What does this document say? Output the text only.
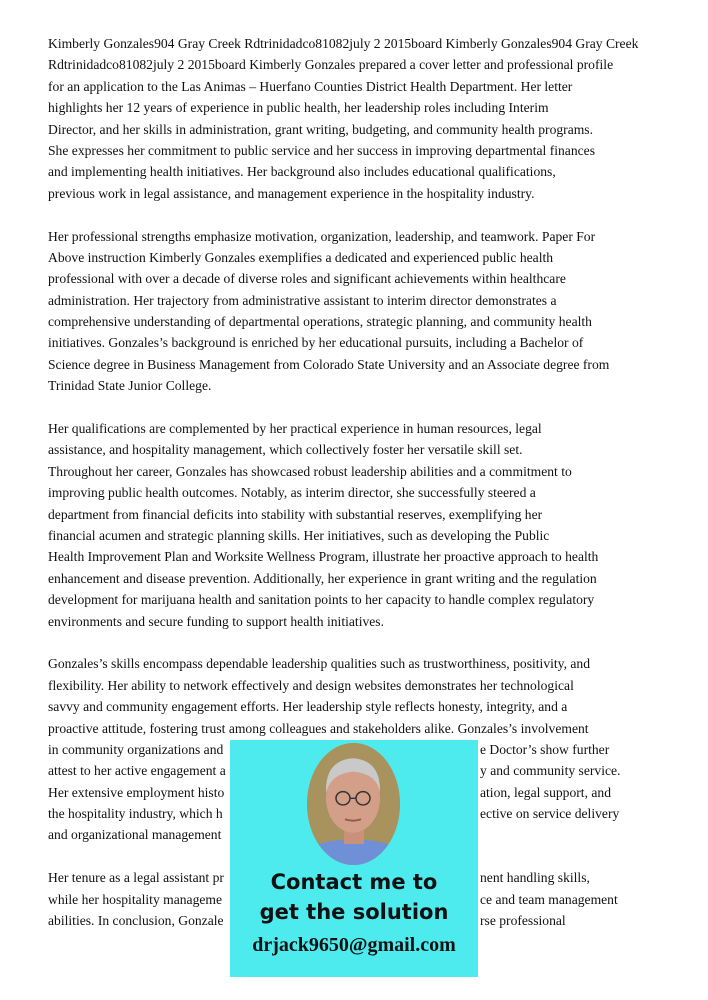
Kimberly Gonzales904 Gray Creek Rdtrinidadco81082july 2 2015board Kimberly Gonzales904 Gray Creek
Rdtrinidadco81082july 2 2015board Kimberly Gonzales prepared a cover letter and professional profile
for an application to the Las Animas – Huerfano Counties District Health Department. Her letter
highlights her 12 years of experience in public health, her leadership roles including Interim
Director, and her skills in administration, grant writing, budgeting, and community health programs.
She expresses her commitment to public service and her success in improving departmental finances
and implementing health initiatives. Her background also includes educational qualifications,
previous work in legal assistance, and management experience in the hospitality industry.
Her professional strengths emphasize motivation, organization, leadership, and teamwork. Paper For
Above instruction Kimberly Gonzales exemplifies a dedicated and experienced public health
professional with over a decade of diverse roles and significant achievements within healthcare
administration. Her trajectory from administrative assistant to interim director demonstrates a
comprehensive understanding of departmental operations, strategic planning, and community health
initiatives. Gonzales’s background is enriched by her educational pursuits, including a Bachelor of
Science degree in Business Management from Colorado State University and an Associate degree from
Trinidad State Junior College.
Her qualifications are complemented by her practical experience in human resources, legal
assistance, and hospitality management, which collectively foster her versatile skill set.
Throughout her career, Gonzales has showcased robust leadership abilities and a commitment to
improving public health outcomes. Notably, as interim director, she successfully steered a
department from financial deficits into stability with substantial reserves, exemplifying her
financial acumen and strategic planning skills. Her initiatives, such as developing the Public
Health Improvement Plan and Worksite Wellness Program, illustrate her proactive approach to health
enhancement and disease prevention. Additionally, her experience in grant writing and the regulation
development for marijuana health and sanitation points to her capacity to handle complex regulatory
environments and secure funding to support health initiatives.
Gonzales’s skills encompass dependable leadership qualities such as trustworthiness, positivity, and
flexibility. Her ability to network effectively and design websites demonstrates her technological
savvy and community engagement efforts. Her leadership style reflects honesty, integrity, and a
proactive attitude, fostering trust among colleagues and stakeholders alike. Gonzales’s involvement
in community organizations and	e Doctor’s show further
attest to her active engagement a	y and community service.
Her extensive employment histo	ation, legal support, and
the hospitality industry, which h	ective on service delivery
and organizational management
Her tenure as a legal assistant pr	nent handling skills,
while her hospitality manageme	ce and team management
abilities. In conclusion, Gonzale	rse professional
Contact me to
get the solution
drjack9650@gmail.com
